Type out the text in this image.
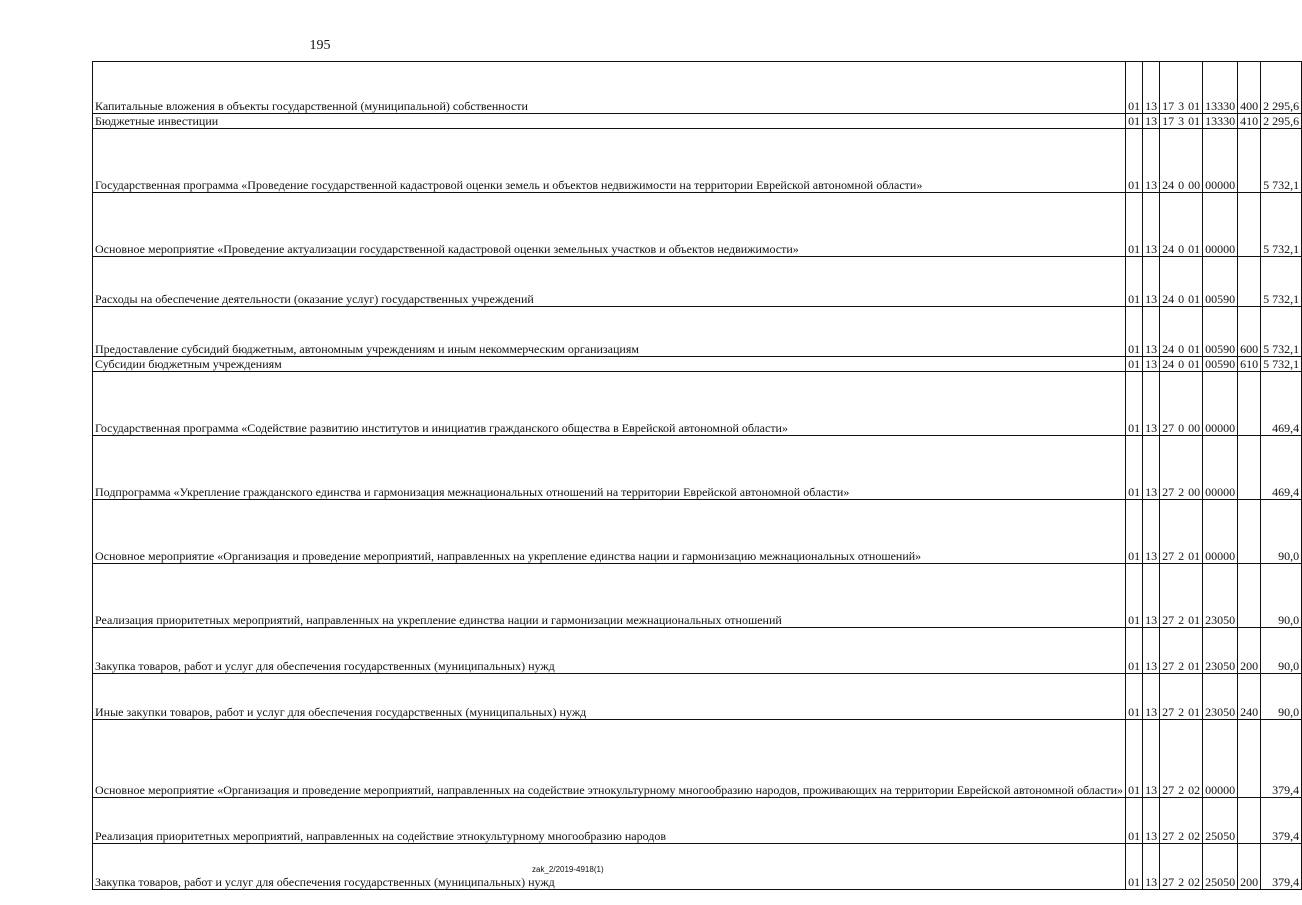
195
Капитальные вложения в объекты государственной (муниципальной) собственности	01	13	17 3 01	13330	400	2 295,6
Бюджетные инвестиции	01	13	17 3 01	13330	410	2 295,6
Государственная программа «Проведение государственной кадастровой оценки земель и объектов недвижимости на территории Еврейской автономной области»	01	13	24 0 00	00000		5 732,1
Основное мероприятие «Проведение актуализации государственной кадастровой оценки земельных участков и объектов недвижимости»	01	13	24 0 01	00000		5 732,1
Расходы на обеспечение деятельности (оказание услуг) государственных учреждений	01	13	24 0 01	00590		5 732,1
Предоставление субсидий бюджетным, автономным учреждениям и иным некоммерческим организациям	01	13	24 0 01	00590	600	5 732,1
Субсидии бюджетным учреждениям	01	13	24 0 01	00590	610	5 732,1
Государственная программа «Содействие развитию институтов и инициатив гражданского общества в Еврейской автономной области»	01	13	27 0 00	00000		469,4
Подпрограмма «Укрепление гражданского единства и гармонизация межнациональных отношений на территории Еврейской автономной области»	01	13	27 2 00	00000		469,4
Основное мероприятие «Организация и проведение мероприятий, направленных на укрепление единства нации и гармонизацию межнациональных отношений»	01	13	27 2 01	00000		90,0
Реализация приоритетных мероприятий, направленных на укрепление единства нации и гармонизации межнациональных отношений	01	13	27 2 01	23050		90,0
Закупка товаров, работ и услуг для обеспечения государственных (муниципальных) нужд	01	13	27 2 01	23050	200	90,0
Иные закупки товаров, работ и услуг для обеспечения государственных (муниципальных) нужд	01	13	27 2 01	23050	240	90,0
Основное мероприятие «Организация и проведение мероприятий, направленных на содействие этнокультурному многообразию народов, проживающих на территории Еврейской автономной области»	01	13	27 2 02	00000		379,4
Реализация приоритетных мероприятий, направленных на содействие этнокультурному многообразию народов	01	13	27 2 02	25050		379,4
Закупка товаров, работ и услуг для обеспечения государственных (муниципальных) нужд	01	13	27 2 02	25050	200	379,4
zak_2/2019-4918(1)
